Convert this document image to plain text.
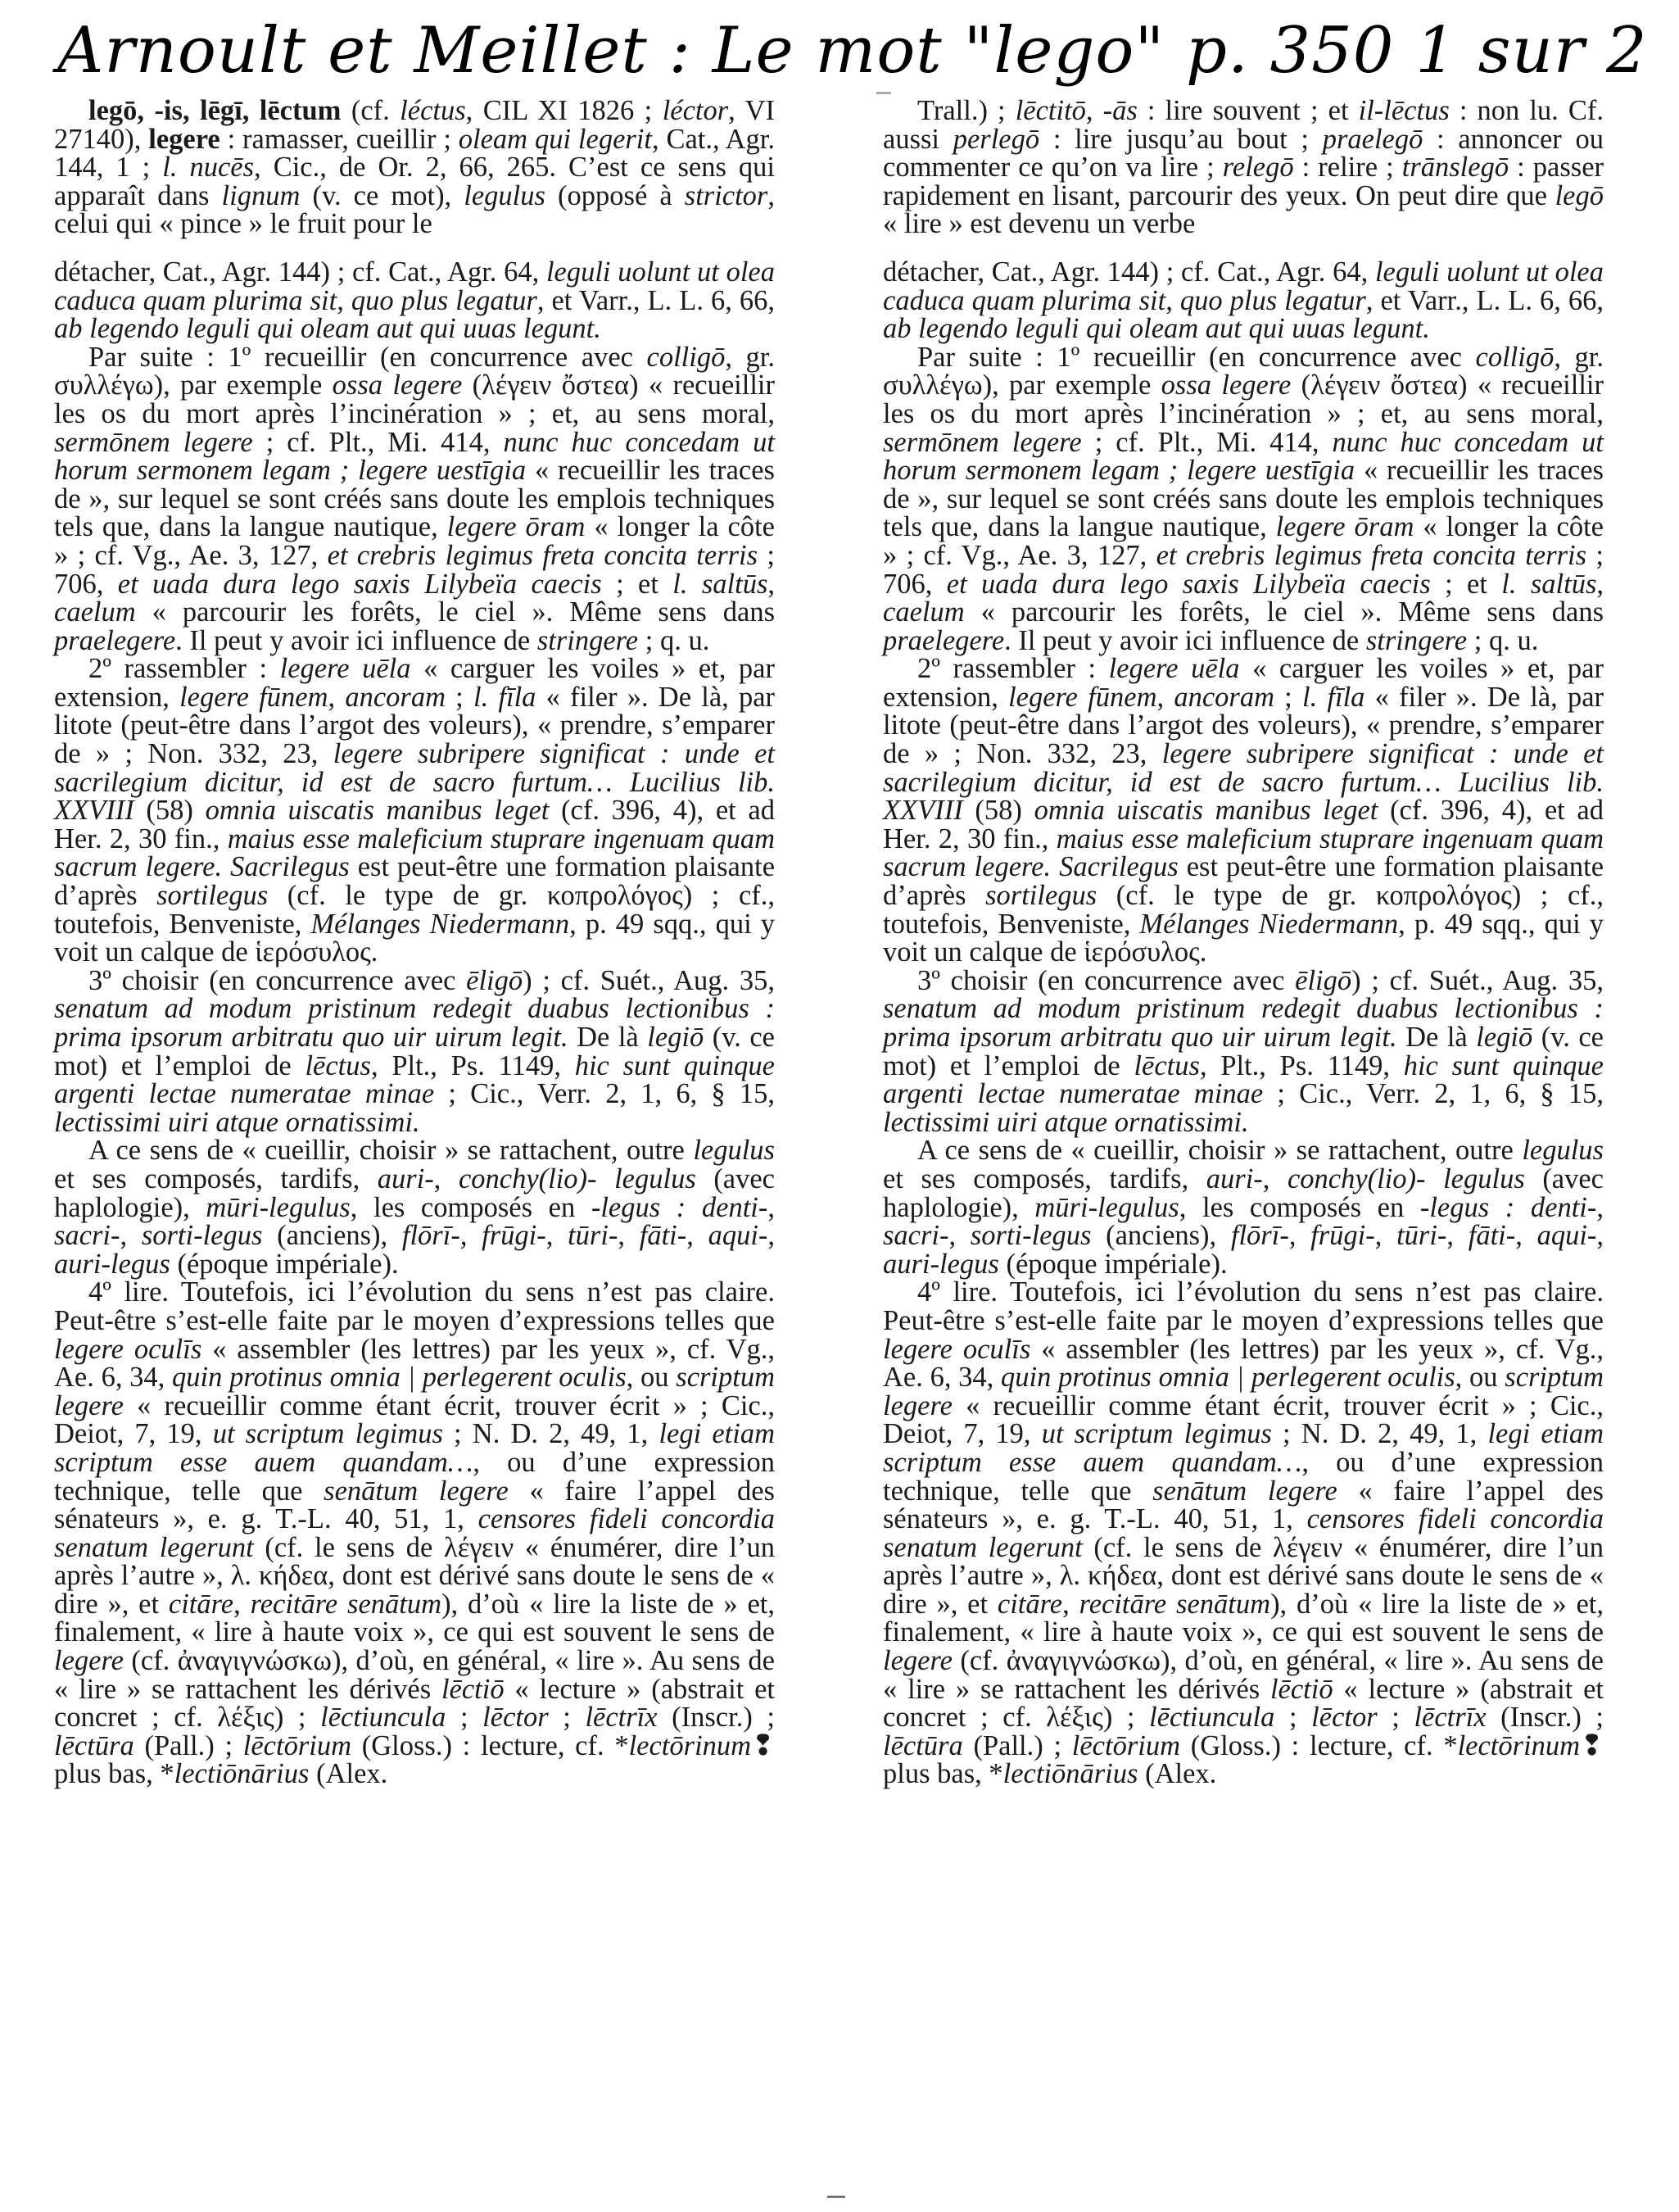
Arnoult et Meillet : Le mot "lego" p. 350 1 sur 2

legō, -is, lēgī, lēctum (cf. léctus, CIL XI 1826 ; léctor, VI 27140), legere : ramasser, cueillir ; oleam qui legerit, Cat., Agr. 144, 1 ; l. nucēs, Cic., de Or. 2, 66, 265. C’est ce sens qui apparaît dans lignum (v. ce mot), legulus (opposé à strictor, celui qui « pince » le fruit pour le

détacher, Cat., Agr. 144) ; cf. Cat., Agr. 64, leguli uolunt ut olea caduca quam plurima sit, quo plus legatur, et Varr., L. L. 6, 66, ab legendo leguli qui oleam aut qui uuas legunt.

Par suite : 1º recueillir (en concurrence avec colligō, gr. συλλέγω), par exemple ossa legere (λέγειν ὄστεα) « recueillir les os du mort après l’incinération » ; et, au sens moral, sermōnem legere ; cf. Plt., Mi. 414, nunc huc concedam ut horum sermonem legam ; legere uestīgia « recueillir les traces de », sur lequel se sont créés sans doute les emplois techniques tels que, dans la langue nautique, legere ōram « longer la côte » ; cf. Vg., Ae. 3, 127, et crebris legimus freta concita terris ; 706, et uada dura lego saxis Lilybeïa caecis ; et l. saltūs, caelum « parcourir les forêts, le ciel ». Même sens dans praelegere. Il peut y avoir ici influence de stringere ; q. u.

2º rassembler : legere uēla « carguer les voiles » et, par extension, legere fūnem, ancoram ; l. fīla « filer ». De là, par litote (peut-être dans l’argot des voleurs), « prendre, s’emparer de » ; Non. 332, 23, legere subripere significat : unde et sacrilegium dicitur, id est de sacro furtum… Lucilius lib. XXVIII (58) omnia uiscatis manibus leget (cf. 396, 4), et ad Her. 2, 30 fin., maius esse maleficium stuprare ingenuam quam sacrum legere. Sacrilegus est peut-être une formation plaisante d’après sortilegus (cf. le type de gr. κοπρολόγος) ; cf., toutefois, Benveniste, Mélanges Niedermann, p. 49 sqq., qui y voit un calque de ἱερόσυλος.

3º choisir (en concurrence avec ēligō) ; cf. Suét., Aug. 35, senatum ad modum pristinum redegit duabus lectionibus : prima ipsorum arbitratu quo uir uirum legit. De là legiō (v. ce mot) et l’emploi de lēctus, Plt., Ps. 1149, hic sunt quinque argenti lectae numeratae minae ; Cic., Verr. 2, 1, 6, § 15, lectissimi uiri atque ornatissimi.

A ce sens de « cueillir, choisir » se rattachent, outre legulus et ses composés, tardifs, auri-, conchy(lio)- legulus (avec haplologie), mūri-legulus, les composés en -legus : denti-, sacri-, sorti-legus (anciens), flōrī-, frūgi-, tūri-, fāti-, aqui-, auri-legus (époque impériale).

4º lire. Toutefois, ici l’évolution du sens n’est pas claire. Peut-être s’est-elle faite par le moyen d’expressions telles que legere oculīs « assembler (les lettres) par les yeux », cf. Vg., Ae. 6, 34, quin protinus omnia | perlegerent oculis, ou scriptum legere « recueillir comme étant écrit, trouver écrit » ; Cic., Deiot, 7, 19, ut scriptum legimus ; N. D. 2, 49, 1, legi etiam scriptum esse auem quandam…, ou d’une expression technique, telle que senātum legere « faire l’appel des sénateurs », e. g. T.-L. 40, 51, 1, censores fideli concordia senatum legerunt (cf. le sens de λέγειν « énumérer, dire l’un après l’autre », λ. κήδεα, dont est dérivé sans doute le sens de « dire », et citāre, recitāre senātum), d’où « lire la liste de » et, finalement, « lire à haute voix », ce qui est souvent le sens de legere (cf. ἀναγιγνώσκω), d’où, en général, « lire ». Au sens de « lire » se rattachent les dérivés lēctiō « lecture » (abstrait et concret ; cf. λέξις) ; lēctiuncula ; lēctor ; lēctrīx (Inscr.) ; lēctūra (Pall.) ; lēctōrium (Gloss.) : lecture, cf. *lectōrinum❢plus bas, *lectiōnārius (Alex.

Trall.) ; lēctitō, -ās : lire souvent ; et il-lēctus : non lu. Cf. aussi perlegō : lire jusqu’au bout ; praelegō : annoncer ou commenter ce qu’on va lire ; relegō : relire ; trānslegō : passer rapidement en lisant, parcourir des yeux. On peut dire que legō « lire » est devenu un verbe

détacher, Cat., Agr. 144) ; cf. Cat., Agr. 64, leguli uolunt ut olea caduca quam plurima sit, quo plus legatur, et Varr., L. L. 6, 66, ab legendo leguli qui oleam aut qui uuas legunt.

Par suite : 1º recueillir (en concurrence avec colligō, gr. συλλέγω), par exemple ossa legere (λέγειν ὄστεα) « recueillir les os du mort après l’incinération » ; et, au sens moral, sermōnem legere ; cf. Plt., Mi. 414, nunc huc concedam ut horum sermonem legam ; legere uestīgia « recueillir les traces de », sur lequel se sont créés sans doute les emplois techniques tels que, dans la langue nautique, legere ōram « longer la côte » ; cf. Vg., Ae. 3, 127, et crebris legimus freta concita terris ; 706, et uada dura lego saxis Lilybeïa caecis ; et l. saltūs, caelum « parcourir les forêts, le ciel ». Même sens dans praelegere. Il peut y avoir ici influence de stringere ; q. u.

2º rassembler : legere uēla « carguer les voiles » et, par extension, legere fūnem, ancoram ; l. fīla « filer ». De là, par litote (peut-être dans l’argot des voleurs), « prendre, s’emparer de » ; Non. 332, 23, legere subripere significat : unde et sacrilegium dicitur, id est de sacro furtum… Lucilius lib. XXVIII (58) omnia uiscatis manibus leget (cf. 396, 4), et ad Her. 2, 30 fin., maius esse maleficium stuprare ingenuam quam sacrum legere. Sacrilegus est peut-être une formation plaisante d’après sortilegus (cf. le type de gr. κοπρολόγος) ; cf., toutefois, Benveniste, Mélanges Niedermann, p. 49 sqq., qui y voit un calque de ἱερόσυλος.

3º choisir (en concurrence avec ēligō) ; cf. Suét., Aug. 35, senatum ad modum pristinum redegit duabus lectionibus : prima ipsorum arbitratu quo uir uirum legit. De là legiō (v. ce mot) et l’emploi de lēctus, Plt., Ps. 1149, hic sunt quinque argenti lectae numeratae minae ; Cic., Verr. 2, 1, 6, § 15, lectissimi uiri atque ornatissimi.

A ce sens de « cueillir, choisir » se rattachent, outre legulus et ses composés, tardifs, auri-, conchy(lio)- legulus (avec haplologie), mūri-legulus, les composés en -legus : denti-, sacri-, sorti-legus (anciens), flōrī-, frūgi-, tūri-, fāti-, aqui-, auri-legus (époque impériale).

4º lire. Toutefois, ici l’évolution du sens n’est pas claire. Peut-être s’est-elle faite par le moyen d’expressions telles que legere oculīs « assembler (les lettres) par les yeux », cf. Vg., Ae. 6, 34, quin protinus omnia | perlegerent oculis, ou scriptum legere « recueillir comme étant écrit, trouver écrit » ; Cic., Deiot, 7, 19, ut scriptum legimus ; N. D. 2, 49, 1, legi etiam scriptum esse auem quandam…, ou d’une expression technique, telle que senātum legere « faire l’appel des sénateurs », e. g. T.-L. 40, 51, 1, censores fideli concordia senatum legerunt (cf. le sens de λέγειν « énumérer, dire l’un après l’autre », λ. κήδεα, dont est dérivé sans doute le sens de « dire », et citāre, recitāre senātum), d’où « lire la liste de » et, finalement, « lire à haute voix », ce qui est souvent le sens de legere (cf. ἀναγιγνώσκω), d’où, en général, « lire ». Au sens de « lire » se rattachent les dérivés lēctiō « lecture » (abstrait et concret ; cf. λέξις) ; lēctiuncula ; lēctor ; lēctrīx (Inscr.) ; lēctūra (Pall.) ; lēctōrium (Gloss.) : lecture, cf. *lectōrinum❢plus bas, *lectiōnārius (Alex.
